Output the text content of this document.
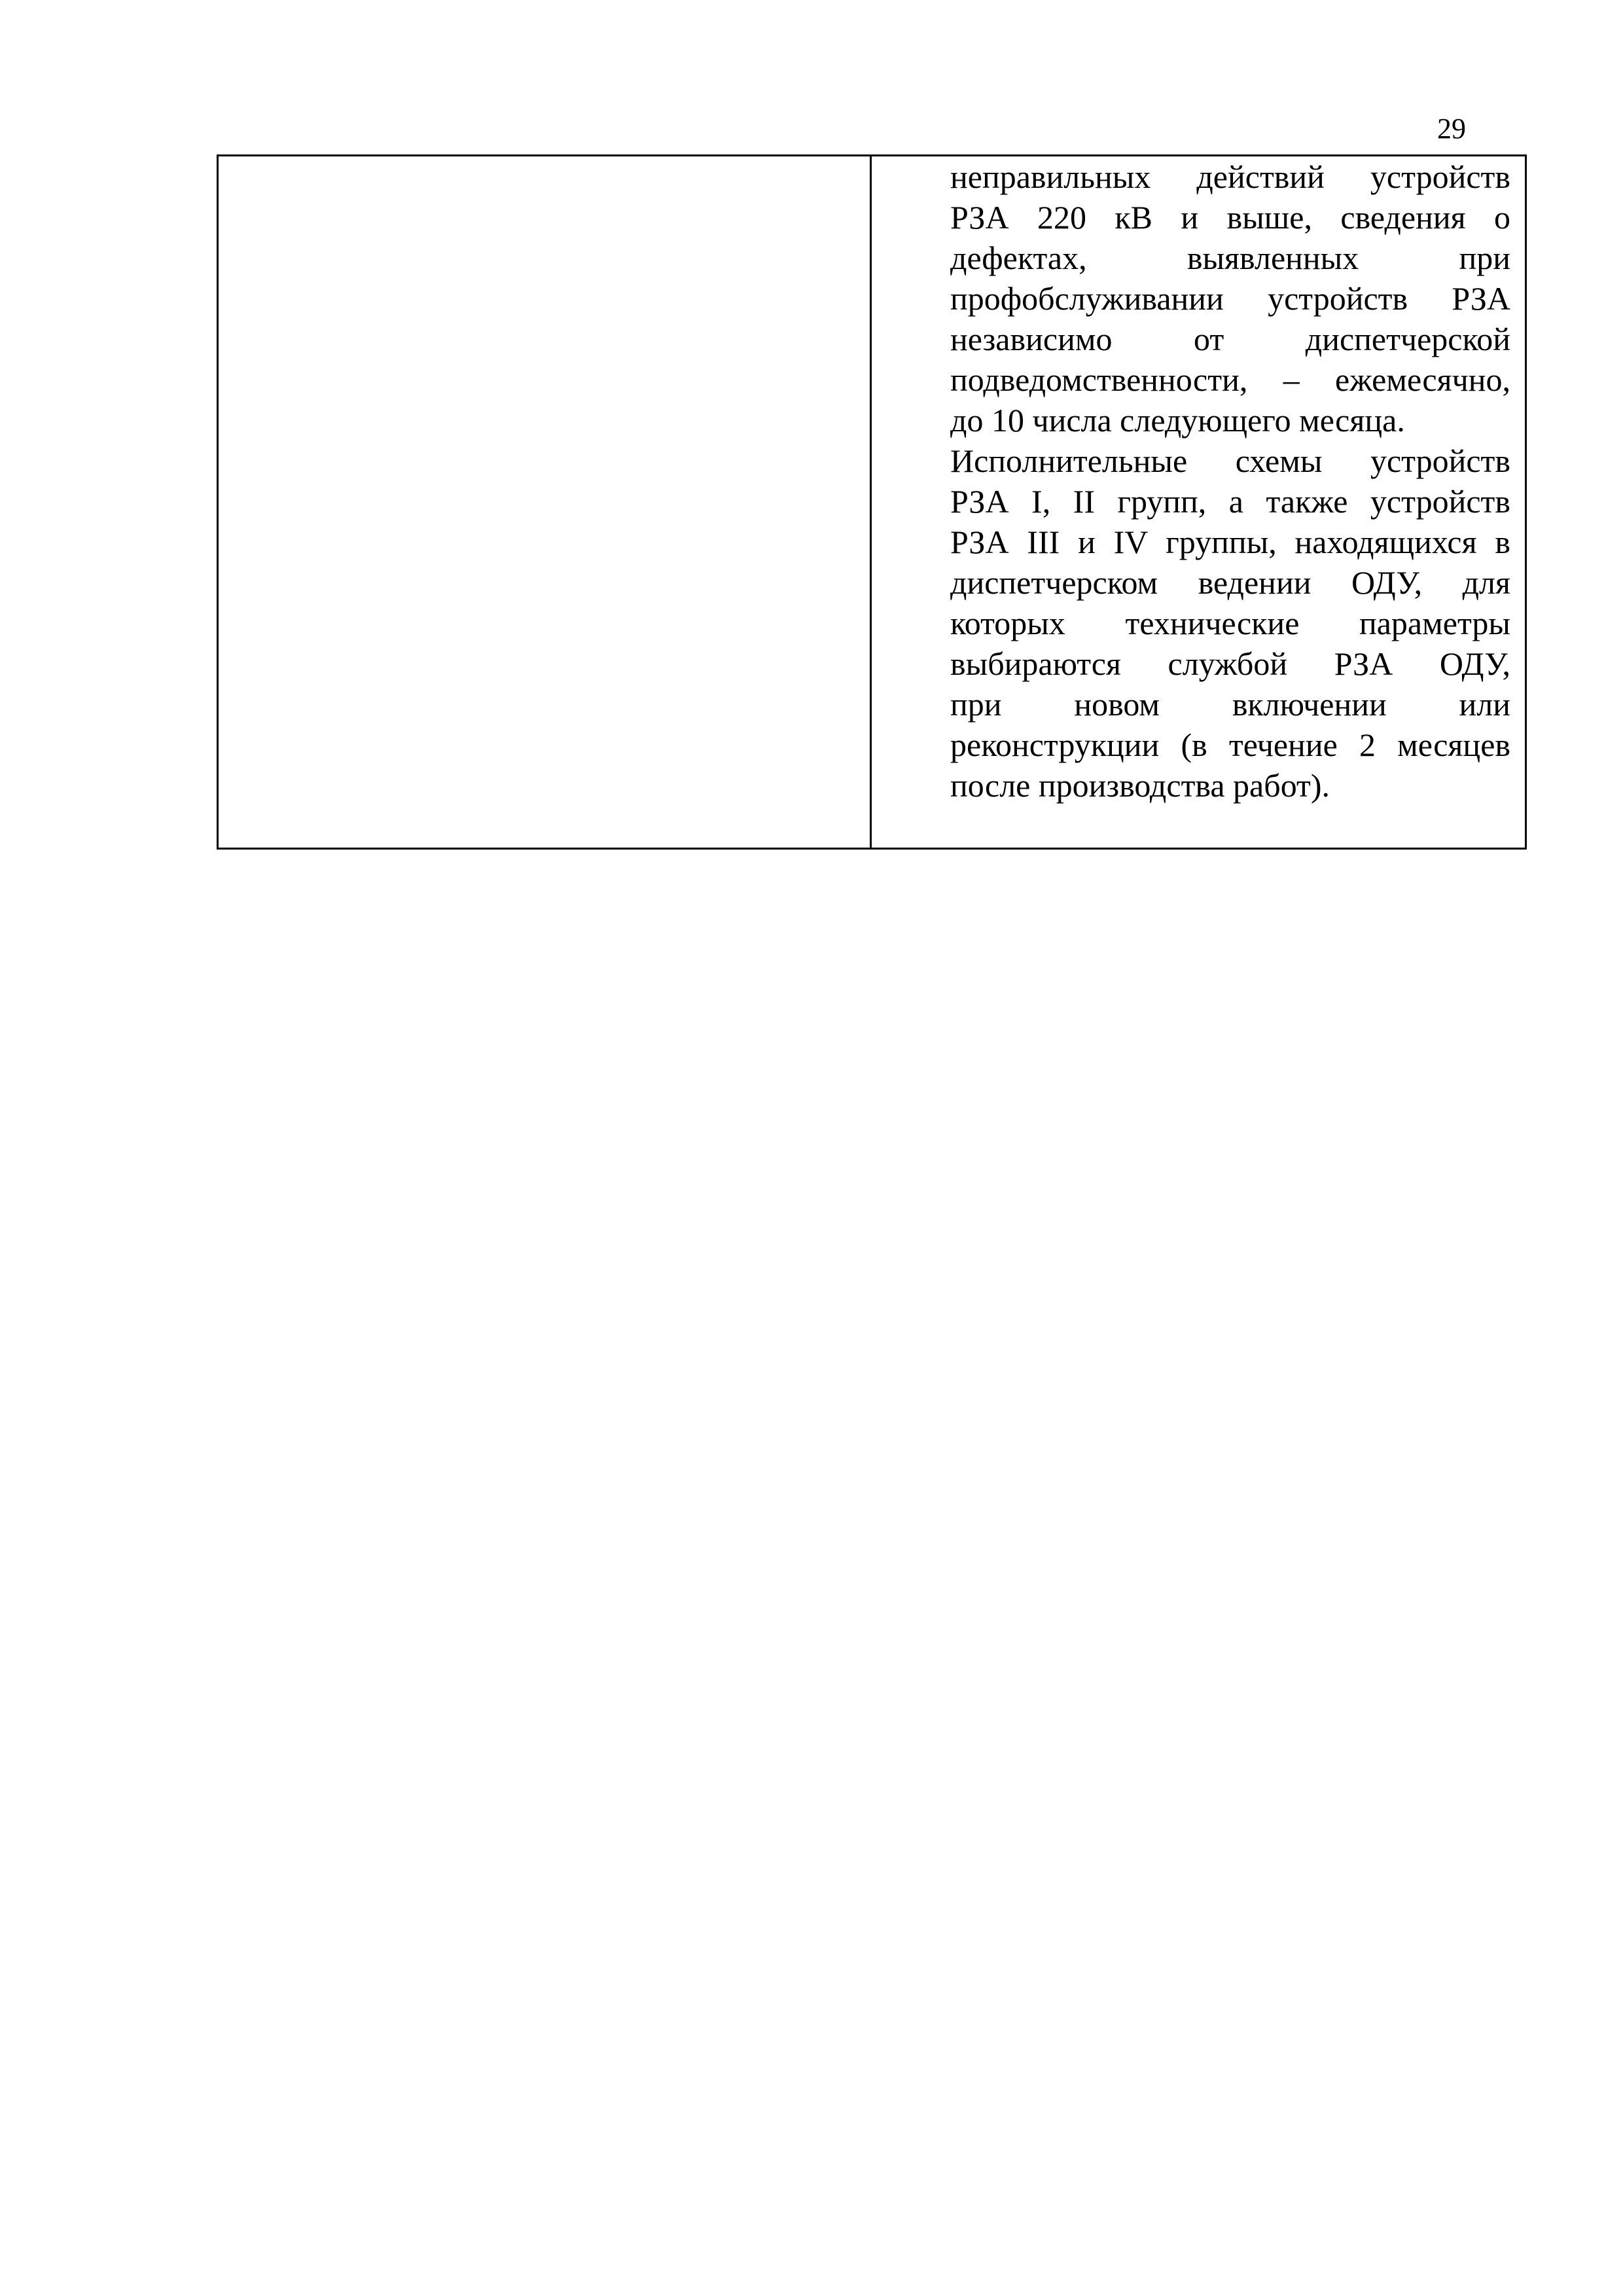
29
неправильных действий устройств
РЗА 220 кВ и выше, сведения о
дефектах, выявленных при
профобслуживании устройств РЗА
независимо от диспетчерской
подведомственности, – ежемесячно,
до 10 числа следующего месяца.
Исполнительные схемы устройств
РЗА I, II групп, а также устройств
РЗА III и IV группы, находящихся в
диспетчерском ведении ОДУ, для
которых технические параметры
выбираются службой РЗА ОДУ,
при новом включении или
реконструкции (в течение 2 месяцев
после производства работ).
